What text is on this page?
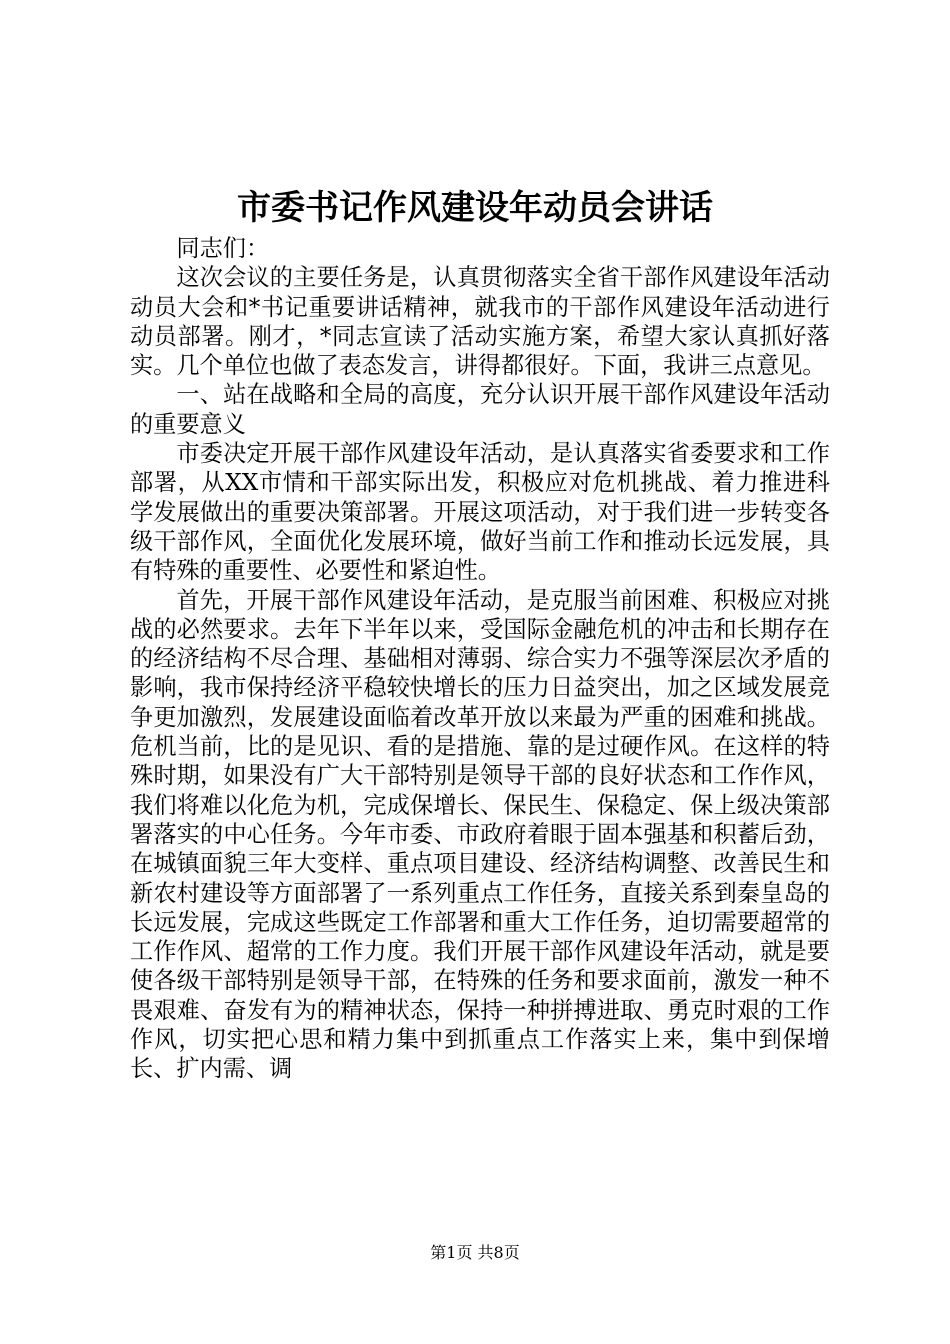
市委书记作风建设年动员会讲话

同志们：

这次会议的主要任务是，认真贯彻落实全省干部作风建设年活动动员大会和*书记重要讲话精神，就我市的干部作风建设年活动进行动员部署。刚才，*同志宣读了活动实施方案，希望大家认真抓好落实。几个单位也做了表态发言，讲得都很好。下面，我讲三点意见。

一、站在战略和全局的高度，充分认识开展干部作风建设年活动的重要意义

市委决定开展干部作风建设年活动，是认真落实省委要求和工作部署，从XX市情和干部实际出发，积极应对危机挑战、着力推进科学发展做出的重要决策部署。开展这项活动，对于我们进一步转变各级干部作风，全面优化发展环境，做好当前工作和推动长远发展，具有特殊的重要性、必要性和紧迫性。

首先，开展干部作风建设年活动，是克服当前困难、积极应对挑战的必然要求。去年下半年以来，受国际金融危机的冲击和长期存在的经济结构不尽合理、基础相对薄弱、综合实力不强等深层次矛盾的影响，我市保持经济平稳较快增长的压力日益突出，加之区域发展竞争更加激烈，发展建设面临着改革开放以来最为严重的困难和挑战。危机当前，比的是见识、看的是措施、靠的是过硬作风。在这样的特殊时期，如果没有广大干部特别是领导干部的良好状态和工作作风，我们将难以化危为机，完成保增长、保民生、保稳定、保上级决策部署落实的中心任务。今年市委、市政府着眼于固本强基和积蓄后劲，在城镇面貌三年大变样、重点项目建设、经济结构调整、改善民生和新农村建设等方面部署了一系列重点工作任务，直接关系到秦皇岛的长远发展，完成这些既定工作部署和重大工作任务，迫切需要超常的工作作风、超常的工作力度。我们开展干部作风建设年活动，就是要使各级干部特别是领导干部，在特殊的任务和要求面前，激发一种不畏艰难、奋发有为的精神状态，保持一种拼搏进取、勇克时艰的工作作风，切实把心思和精力集中到抓重点工作落实上来，集中到保增长、扩内需、调

第1页 共8页
